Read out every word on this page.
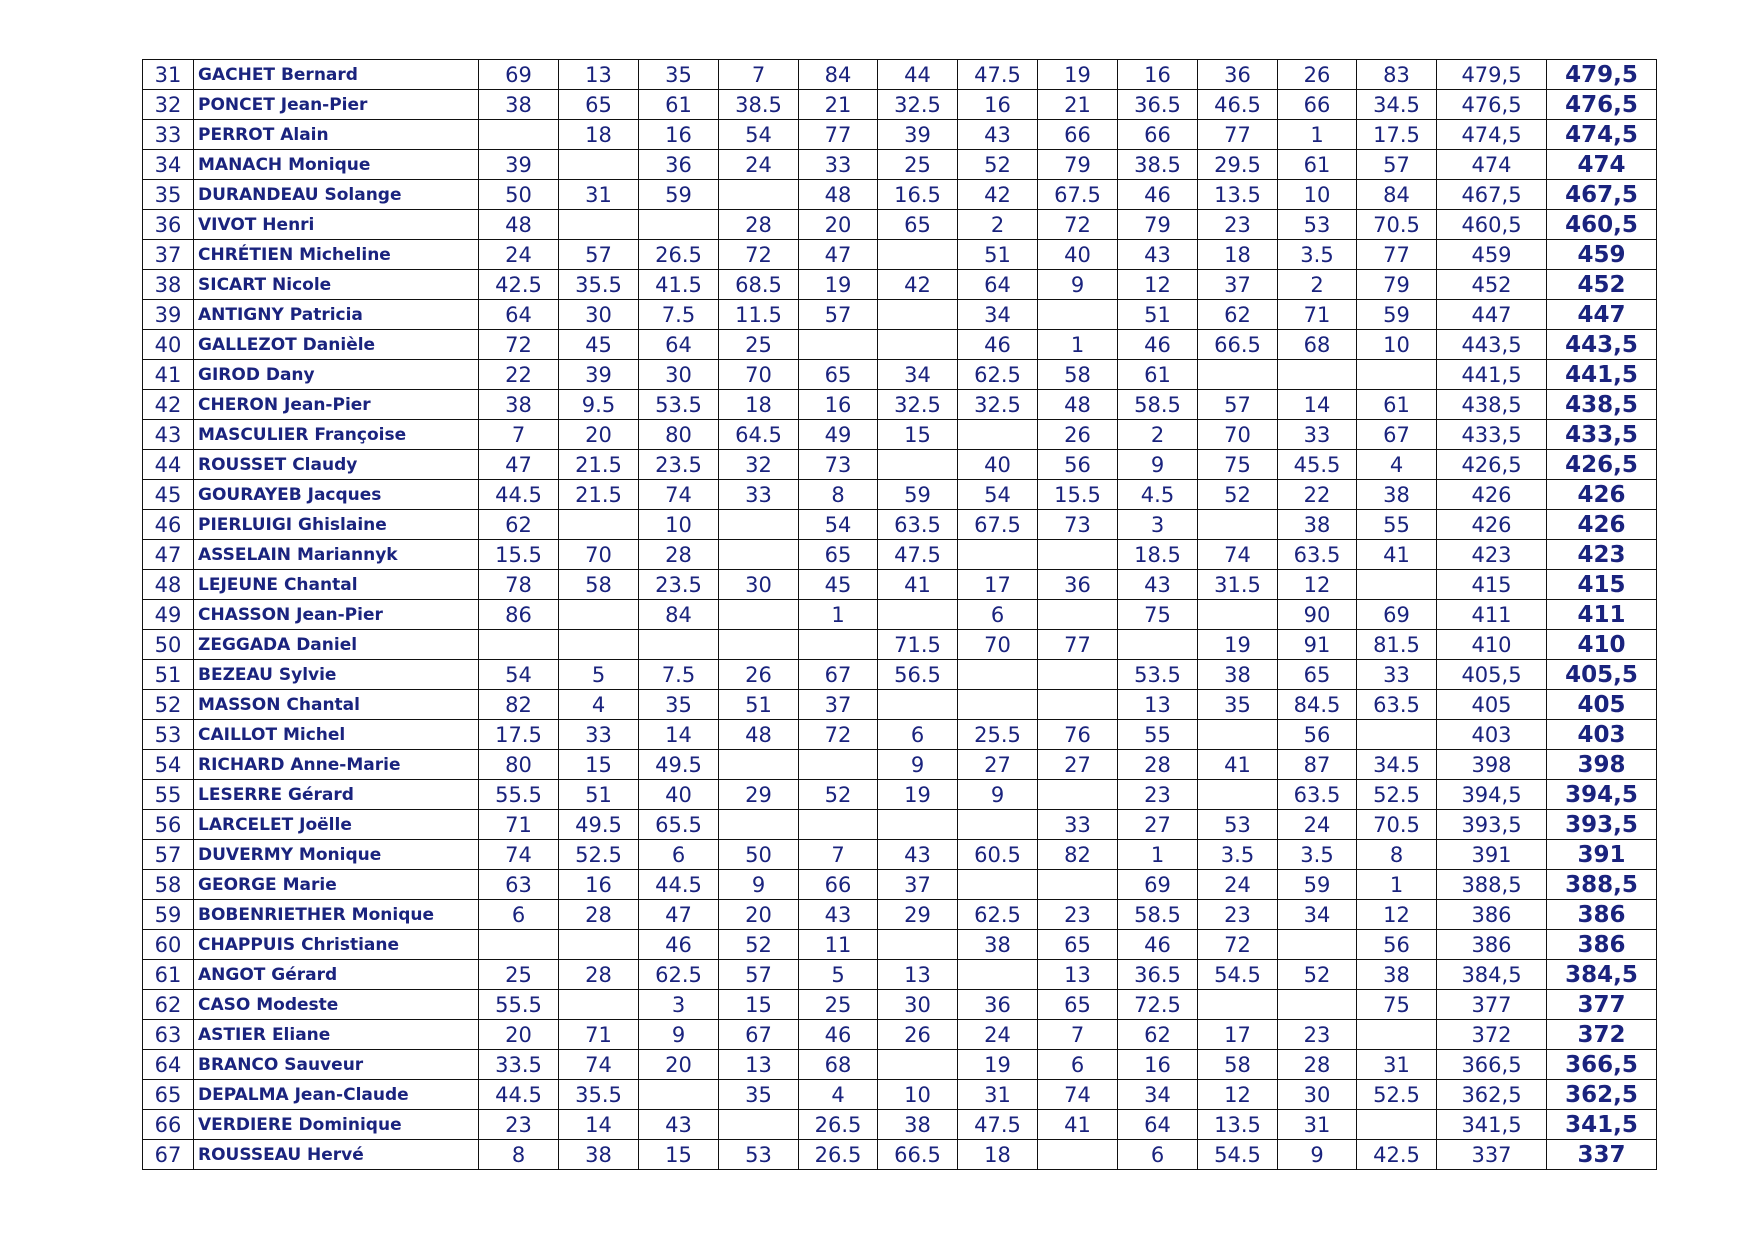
31	GACHET Bernard	69	13	35	7	84	44	47.5	19	16	36	26	83	479,5	479,5
32	PONCET Jean-Pier	38	65	61	38.5	21	32.5	16	21	36.5	46.5	66	34.5	476,5	476,5
33	PERROT Alain		18	16	54	77	39	43	66	66	77	1	17.5	474,5	474,5
34	MANACH Monique	39		36	24	33	25	52	79	38.5	29.5	61	57	474	474
35	DURANDEAU Solange	50	31	59		48	16.5	42	67.5	46	13.5	10	84	467,5	467,5
36	VIVOT Henri	48			28	20	65	2	72	79	23	53	70.5	460,5	460,5
37	CHRÉTIEN Micheline	24	57	26.5	72	47		51	40	43	18	3.5	77	459	459
38	SICART Nicole	42.5	35.5	41.5	68.5	19	42	64	9	12	37	2	79	452	452
39	ANTIGNY Patricia	64	30	7.5	11.5	57		34		51	62	71	59	447	447
40	GALLEZOT Danièle	72	45	64	25			46	1	46	66.5	68	10	443,5	443,5
41	GIROD Dany	22	39	30	70	65	34	62.5	58	61				441,5	441,5
42	CHERON Jean-Pier	38	9.5	53.5	18	16	32.5	32.5	48	58.5	57	14	61	438,5	438,5
43	MASCULIER Françoise	7	20	80	64.5	49	15		26	2	70	33	67	433,5	433,5
44	ROUSSET Claudy	47	21.5	23.5	32	73		40	56	9	75	45.5	4	426,5	426,5
45	GOURAYEB Jacques	44.5	21.5	74	33	8	59	54	15.5	4.5	52	22	38	426	426
46	PIERLUIGI Ghislaine	62		10		54	63.5	67.5	73	3		38	55	426	426
47	ASSELAIN Mariannyk	15.5	70	28		65	47.5			18.5	74	63.5	41	423	423
48	LEJEUNE Chantal	78	58	23.5	30	45	41	17	36	43	31.5	12		415	415
49	CHASSON Jean-Pier	86		84		1		6		75		90	69	411	411
50	ZEGGADA Daniel						71.5	70	77		19	91	81.5	410	410
51	BEZEAU Sylvie	54	5	7.5	26	67	56.5			53.5	38	65	33	405,5	405,5
52	MASSON Chantal	82	4	35	51	37				13	35	84.5	63.5	405	405
53	CAILLOT Michel	17.5	33	14	48	72	6	25.5	76	55		56		403	403
54	RICHARD Anne-Marie	80	15	49.5			9	27	27	28	41	87	34.5	398	398
55	LESERRE Gérard	55.5	51	40	29	52	19	9		23		63.5	52.5	394,5	394,5
56	LARCELET Joëlle	71	49.5	65.5					33	27	53	24	70.5	393,5	393,5
57	DUVERMY Monique	74	52.5	6	50	7	43	60.5	82	1	3.5	3.5	8	391	391
58	GEORGE Marie	63	16	44.5	9	66	37			69	24	59	1	388,5	388,5
59	BOBENRIETHER Monique	6	28	47	20	43	29	62.5	23	58.5	23	34	12	386	386
60	CHAPPUIS Christiane			46	52	11		38	65	46	72		56	386	386
61	ANGOT Gérard	25	28	62.5	57	5	13		13	36.5	54.5	52	38	384,5	384,5
62	CASO Modeste	55.5		3	15	25	30	36	65	72.5			75	377	377
63	ASTIER Eliane	20	71	9	67	46	26	24	7	62	17	23		372	372
64	BRANCO Sauveur	33.5	74	20	13	68		19	6	16	58	28	31	366,5	366,5
65	DEPALMA Jean-Claude	44.5	35.5		35	4	10	31	74	34	12	30	52.5	362,5	362,5
66	VERDIERE Dominique	23	14	43		26.5	38	47.5	41	64	13.5	31		341,5	341,5
67	ROUSSEAU Hervé	8	38	15	53	26.5	66.5	18		6	54.5	9	42.5	337	337
